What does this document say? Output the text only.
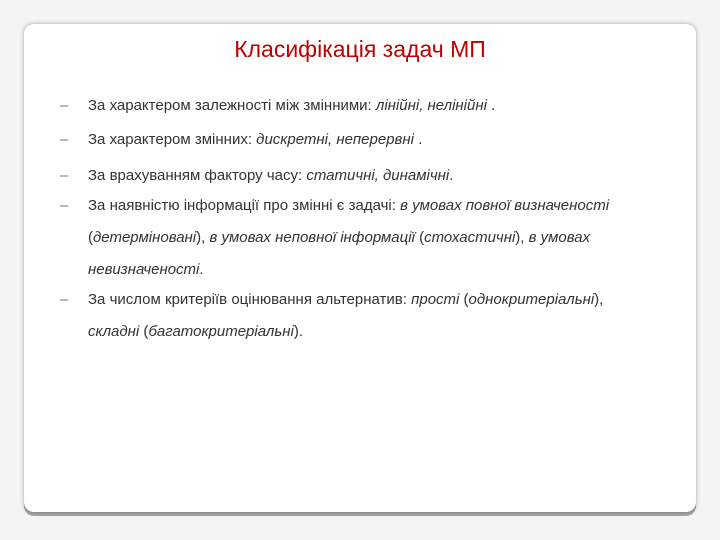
Класифікація задач МП
–	За характером залежності між змінними: лінійні, нелінійні .
–	За характером змінних: дискретні, неперервні .
–	За врахуванням фактору часу: статичні, динамічні.
–	За наявністю інформації про змінні є задачі: в умовах повної визначеності
(детерміновані), в умовах неповної інформації (стохастичні), в умовах
невизначеності.
–	За числом критеріїв оцінювання альтернатив: прості (однокритеріальні),
складні (багатокритеріальні).
